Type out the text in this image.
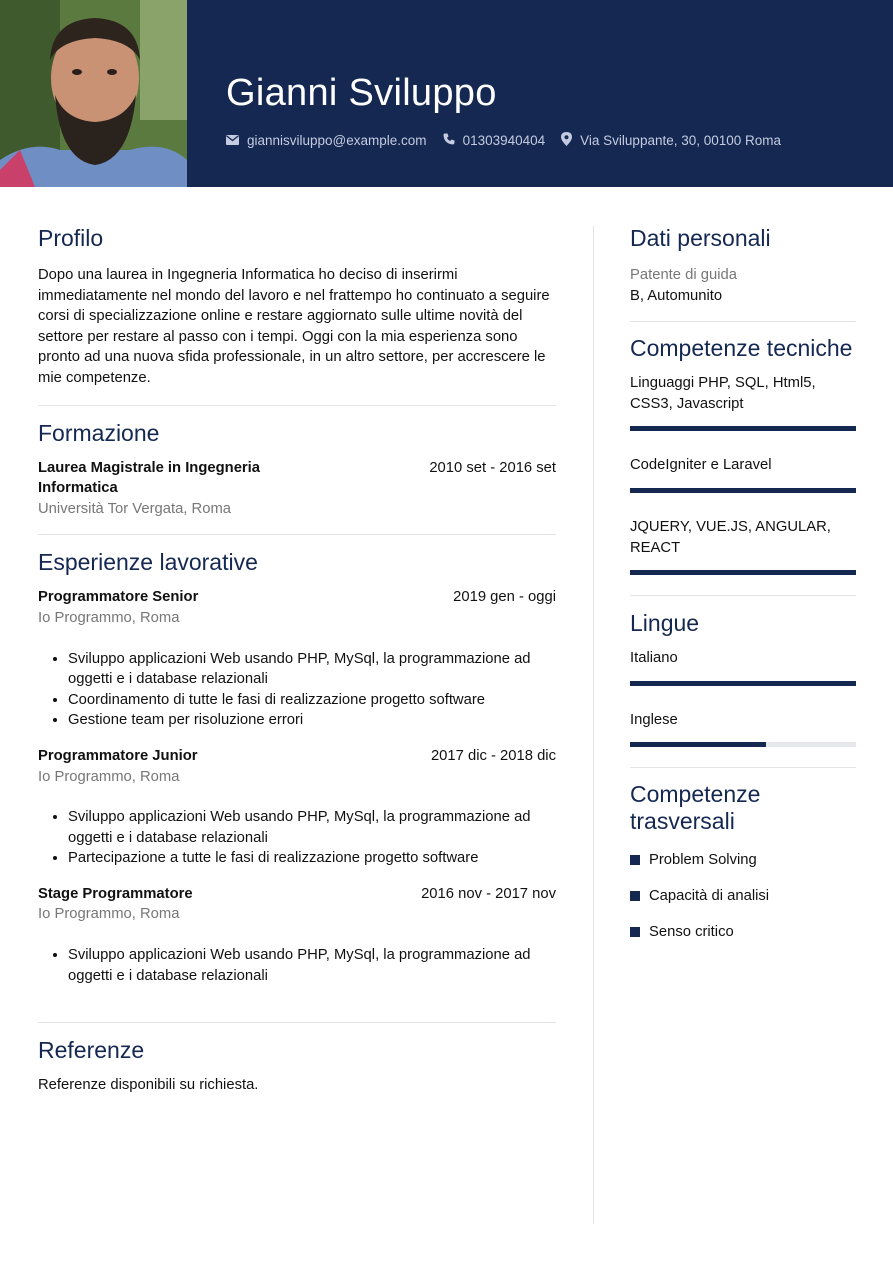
Gianni Sviluppo
giannisviluppo@example.com	01303940404	Via Sviluppante, 30, 00100 Roma
Profilo

Dopo una laurea in Ingegneria Informatica ho deciso di inserirmi immediatamente nel mondo del lavoro e nel frattempo ho continuato a seguire corsi di specializzazione online e restare aggiornato sulle ultime novità del settore per restare al passo con i tempi. Oggi con la mia esperienza sono pronto ad una nuova sfida professionale, in un altro settore, per accrescere le mie competenze.

Formazione
Laurea Magistrale in Ingegneria Informatica
2010 set - 2016 set
Università Tor Vergata, Roma
Esperienze lavorative
Programmatore Senior	2019 gen - oggi
Io Programmo, Roma
• Sviluppo applicazioni Web usando PHP, MySql, la programmazione ad oggetti e i database relazionali
• Coordinamento di tutte le fasi di realizzazione progetto software
• Gestione team per risoluzione errori
Programmatore Junior	2017 dic - 2018 dic
Io Programmo, Roma
• Sviluppo applicazioni Web usando PHP, MySql, la programmazione ad oggetti e i database relazionali
• Partecipazione a tutte le fasi di realizzazione progetto software
Stage Programmatore	2016 nov - 2017 nov
Io Programmo, Roma
• Sviluppo applicazioni Web usando PHP, MySql, la programmazione ad oggetti e i database relazionali
Referenze

Referenze disponibili su richiesta.

Dati personali
Patente di guida
B, Automunito
Competenze tecniche
Linguaggi PHP, SQL, Html5, CSS3, Javascript
CodeIgniter e Laravel
JQUERY, VUE.JS, ANGULAR, REACT
Lingue
Italiano
Inglese
Competenze trasversali
Problem Solving
Capacità di analisi
Senso critico
